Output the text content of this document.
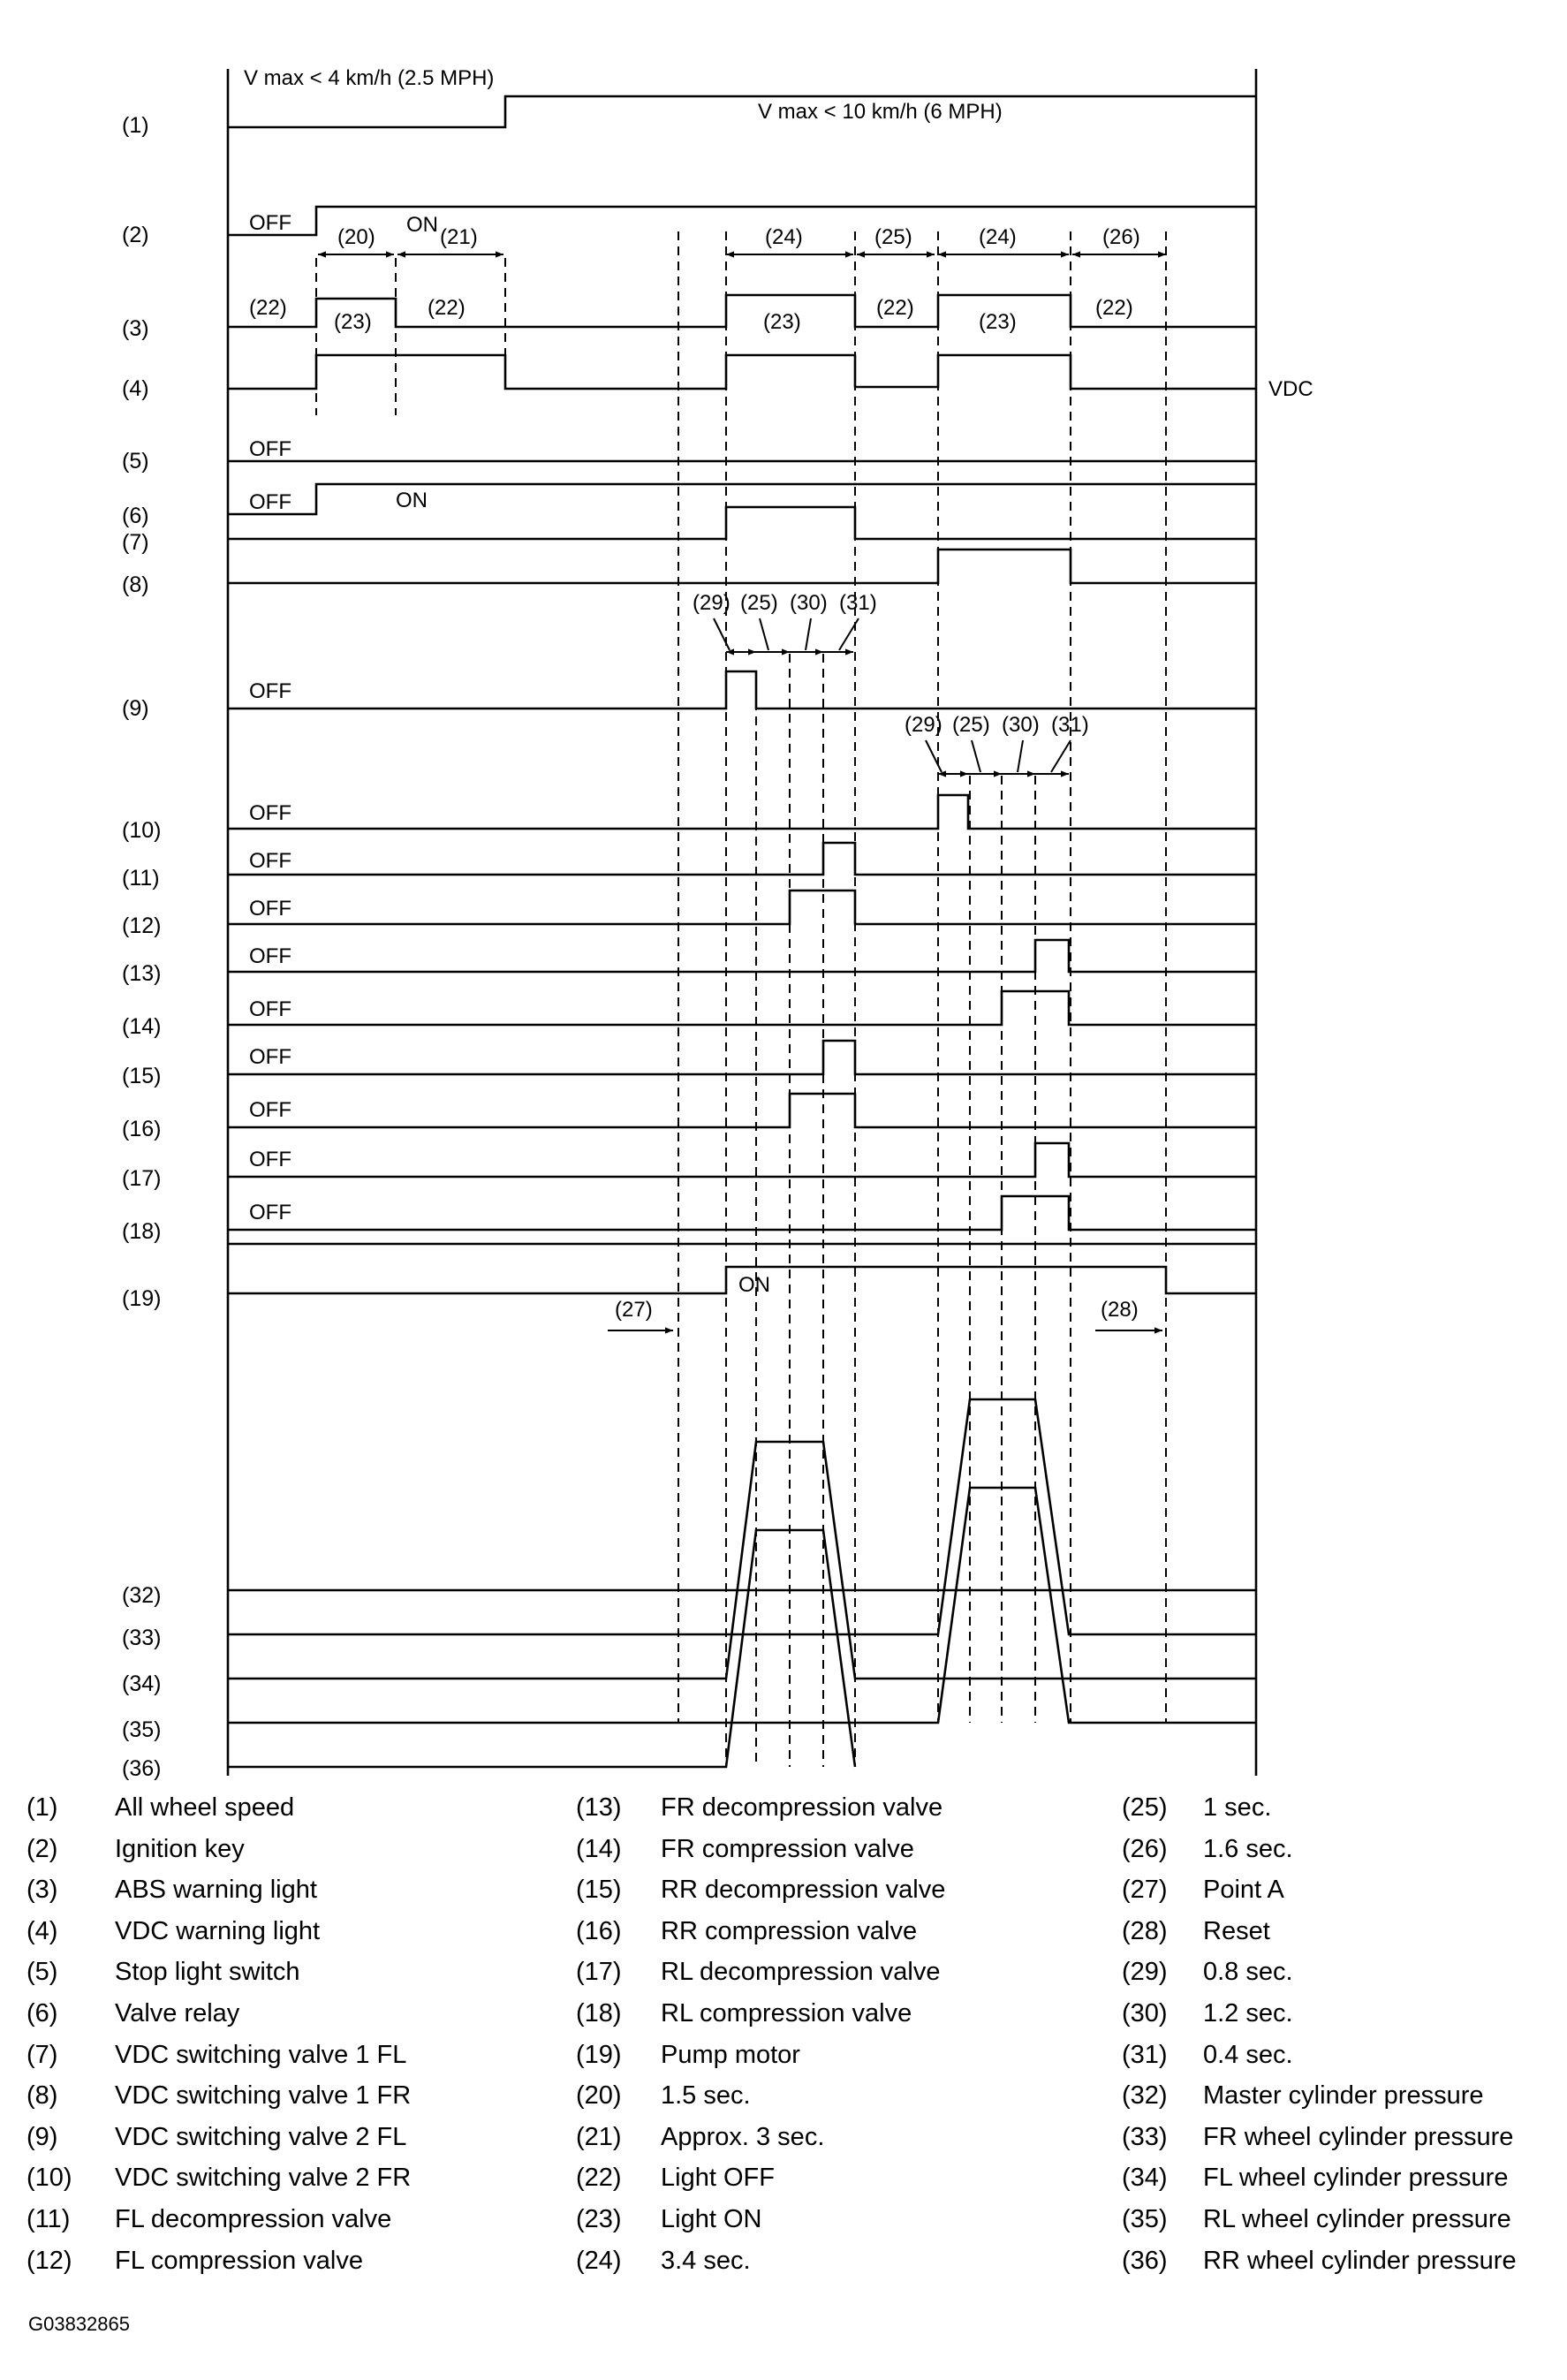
(1)
(2)
(3)
(4)
(5)
(6)
(7)
(8)
(9)
(10)
(11)
(12)
(13)
(14)
(15)
(16)
(17)
(18)
(19)
(32)
(33)
(34)
(35)
(36)
V max < 4 km/h (2.5 MPH)
V max < 10 km/h (6 MPH)
OFF	ON
(20)	(21)	(24)	(25)	(24)	(26)
(22)
(23)
(22)
(23)
(22)
(23)
(22)
VDC
OFF
OFF	ON
OFF
(29) (25) (30) (31)
OFF
(29) (25) (30) (31)
OFF
OFF
OFF
OFF
OFF
OFF
OFF
OFF
ON
(27)	(28)
(1) All wheel speed
(2) Ignition key
(3) ABS warning light
(4) VDC warning light
(5) Stop light switch
(6) Valve relay
(7) VDC switching valve 1 FL
(8) VDC switching valve 1 FR
(9) VDC switching valve 2 FL
(10) VDC switching valve 2 FR
(11) FL decompression valve
(12) FL compression valve
(13) FR decompression valve
(14) FR compression valve
(15) RR decompression valve
(16) RR compression valve
(17) RL decompression valve
(18) RL compression valve
(19) Pump motor
(20) 1.5 sec.
(21) Approx. 3 sec.
(22) Light OFF
(23) Light ON
(24) 3.4 sec.
(25) 1 sec.
(26) 1.6 sec.
(27) Point A
(28) Reset
(29) 0.8 sec.
(30) 1.2 sec.
(31) 0.4 sec.
(32) Master cylinder pressure
(33) FR wheel cylinder pressure
(34) FL wheel cylinder pressure
(35) RL wheel cylinder pressure
(36) RR wheel cylinder pressure
G03832865
